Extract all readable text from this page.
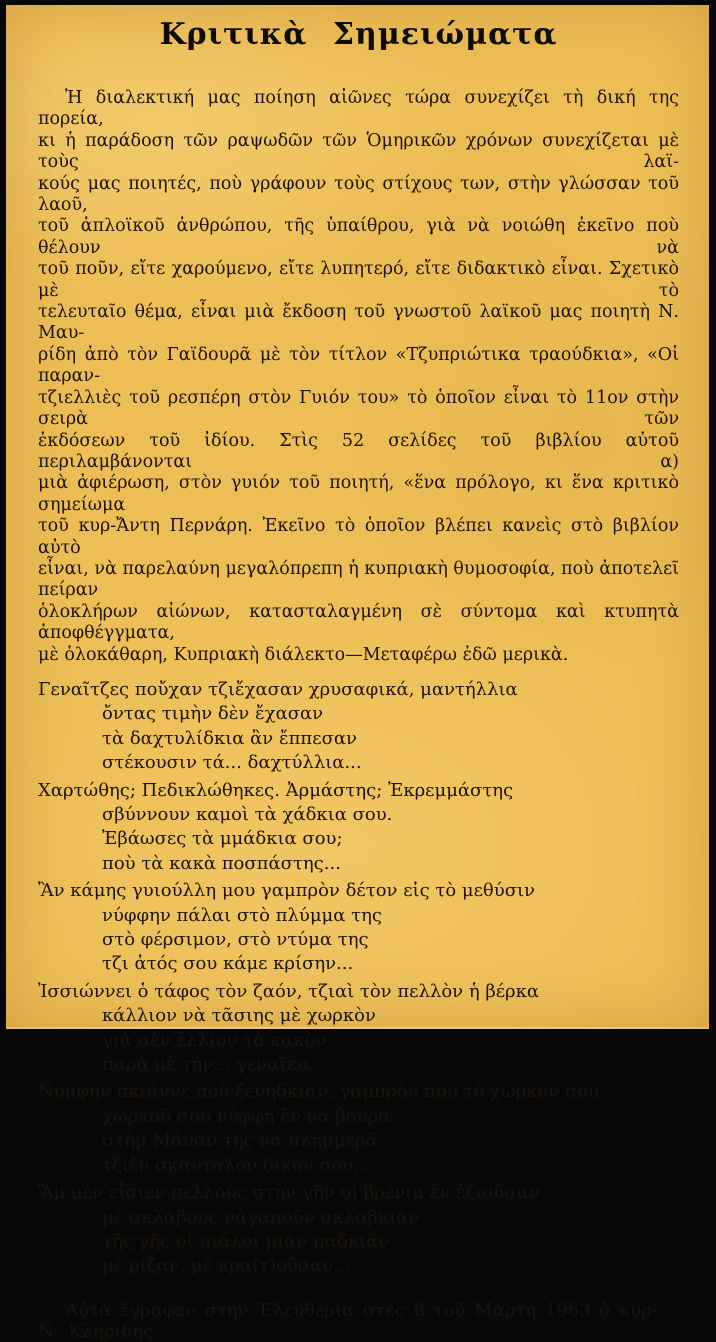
Κριτικὰ Σημειώματα
Ἡ διαλεκτική μας ποίηση αἰῶνες τώρα συνεχίζει τὴ δική της πορεία,
κι ἡ παράδοση τῶν ραψωδῶν τῶν Ὁμηρικῶν χρόνων συνεχίζεται μὲ τοὺς λαϊ-
κούς μας ποιητές, ποὺ γράφουν τοὺς στίχους των, στὴν γλώσσαν τοῦ λαοῦ,
τοῦ ἁπλοϊκοῦ ἀνθρώπου, τῆς ὑπαίθρου, γιὰ νὰ νοιώθη ἐκεῖνο ποὺ θέλουν νὰ
τοῦ ποῦν, εἴτε χαρούμενο, εἴτε λυπητερό, εἴτε διδακτικὸ εἶναι. Σχετικὸ μὲ τὸ
τελευταῖο θέμα, εἶναι μιὰ ἔκδοση τοῦ γνωστοῦ λαϊκοῦ μας ποιητὴ Ν. Μαυ-
ρίδη ἀπὸ τὸν Γαϊδουρᾶ μὲ τὸν τίτλον «Τζυπριώτικα τραούδκια», «Οἱ παραν-
τζιελλιὲς τοῦ ρεσπέρη στὸν Γυιόν του» τὸ ὁποῖον εἶναι τὸ 11ον στὴν σειρὰ τῶν
ἐκδόσεων τοῦ ἰδίου. Στὶς 52 σελίδες τοῦ βιβλίου αὐτοῦ περιλαμβάνονται α)
μιὰ ἀφιέρωση, στὸν γυιόν τοῦ ποιητή, «ἕνα πρόλογο, κι ἕνα κριτικὸ σημείωμα
τοῦ κυρ-Ἄντη Περνάρη. Ἐκεῖνο τὸ ὁποῖον βλέπει κανεὶς στὸ βιβλίον αὐτὸ
εἶναι, νὰ παρελαύνη μεγαλόπρεπη ἡ κυπριακὴ θυμοσοφία, ποὺ ἀποτελεῖ πείραν
ὁλοκλήρων αἰώνων, κατασταλαγμένη σὲ σύντομα καὶ κτυπητὰ ἀποφθέγγματα,
μὲ ὁλοκάθαρη, Κυπριακὴ διάλεκτο—Μεταφέρω ἐδῶ μερικὰ.
Γεναῖτζες ποὔχαν τζιἔχασαν χρυσαφικά, μαντήλλια
ὄντας τιμὴν δὲν ἔχασαν
τὰ δαχτυλίδκια ἂν ἔππεσαν
στέκουσιν τά... δαχτύλλια...
Χαρτώθης; Πεδικλώθηκες. Ἀρμάστης; Ἐκρεμμάστης
σβύννουν καμοὶ τὰ χάδκια σου.
Ἐβάωσες τὰ μμάδκια σου;
ποὺ τὰ κακὰ ποσπάστης...
Ἂν κάμης γυιούλλη μου γαμπρὸν δέτον εἰς τὸ μεθύσιν
νύφφην πάλαι στὸ πλύμμα της
στὸ φέρσιμον, στὸ ντύμα της
τζι ἀτός σου κάμε κρίσην...
Ἰσσιώννει ὁ τάφος τὸν ζαόν, τζιαὶ τὸν πελλὸν ἡ βέρκα
κάλλιον νὰ τᾶσιης μὲ χωρκὸν
γιὰ σὲν ἔλλίον τὸ κακὸν
παρὰ μὲ τήν... γεναῖκα
Νύμφην πκιάννε ποὺ ξενηδκιάν, γαμπρὸν ποὺ τὸ χωρκόν σου
χωρκοῦ σου νύφφη ἔν νὰ βουρᾶ
στὴμ Μάναν της νὰ πλημμερᾶ
τζιἔν σκάνταλον δικόν σου...
Ἂμ μὲν εἶσιεν πελλοὺς στὴν γῆν οἱ βρένιμ ἔν ἐζιοῦσαν
μὲ σκλάβους νἀγαποῦν σκλαβκιὰν
τῆς γῆς οἱ μιάλοι μιὰν παδκιὰν
μὲ ρίζαν, μὲ κρα(τ)οῦσαν...
Αὐτὰ ἔγραφεν στὴν Ἐλευθερία στὲς 8 τοῦ Μάρτη 1963 ὁ κυρ-Ν. Κληρίδης
